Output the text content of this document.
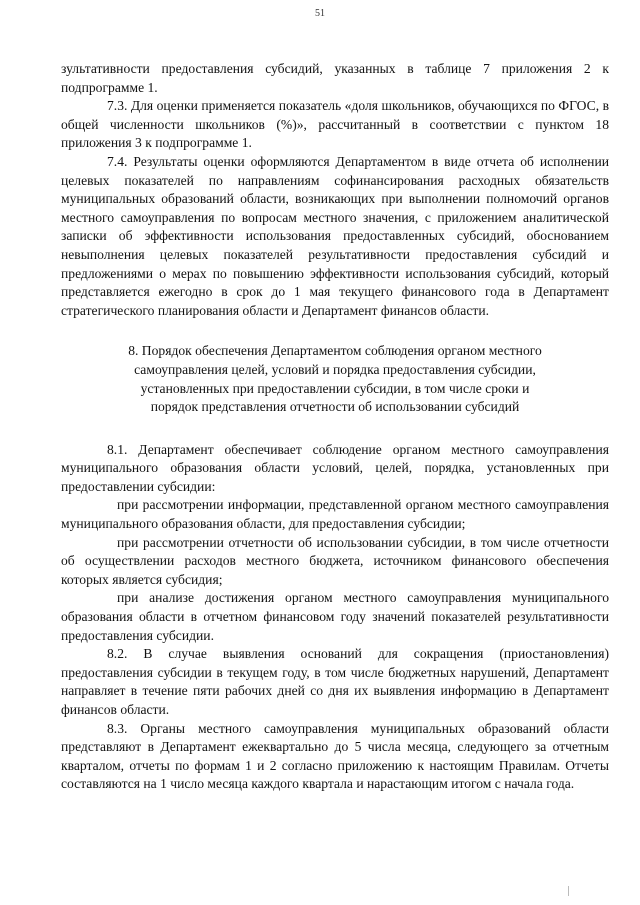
51

зультативности предоставления субсидий, указанных в таблице 7 приложения 2 к подпрограмме 1.

7.3. Для оценки применяется показатель «доля школьников, обучающихся по ФГОС, в общей численности школьников (%)», рассчитанный в соответствии с пунктом 18 приложения 3 к подпрограмме 1.

7.4. Результаты оценки оформляются Департаментом в виде отчета об исполнении целевых показателей по направлениям софинансирования расходных обязательств муниципальных образований области, возникающих при выполнении полномочий органов местного самоуправления по вопросам местного значения, с приложением аналитической записки об эффективности использования предоставленных субсидий, обоснованием невыполнения целевых показателей результативности предоставления субсидий и предложениями о мерах по повышению эффективности использования субсидий, который представляется ежегодно в срок до 1 мая текущего финансового года в Департамент стратегического планирования области и Департамент финансов области.

8. Порядок обеспечения Департаментом соблюдения органом местного самоуправления целей, условий и порядка предоставления субсидии, установленных при предоставлении субсидии, в том числе сроки и порядок представления отчетности об использовании субсидий

8.1. Департамент обеспечивает соблюдение органом местного самоуправления муниципального образования области условий, целей, порядка, установленных при предоставлении субсидии:

при рассмотрении информации, представленной органом местного самоуправления муниципального образования области, для предоставления субсидии;

при рассмотрении отчетности об использовании субсидии, в том числе отчетности об осуществлении расходов местного бюджета, источником финансового обеспечения которых является субсидия;

при анализе достижения органом местного самоуправления муниципального образования области в отчетном финансовом году значений показателей результативности предоставления субсидии.

8.2. В случае выявления оснований для сокращения (приостановления) предоставления субсидии в текущем году, в том числе бюджетных нарушений, Департамент направляет в течение пяти рабочих дней со дня их выявления информацию в Департамент финансов области.

8.3. Органы местного самоуправления муниципальных образований области представляют в Департамент ежеквартально до 5 числа месяца, следующего за отчетным кварталом, отчеты по формам 1 и 2 согласно приложению к настоящим Правилам. Отчеты составляются на 1 число месяца каждого квартала и нарастающим итогом с начала года.
